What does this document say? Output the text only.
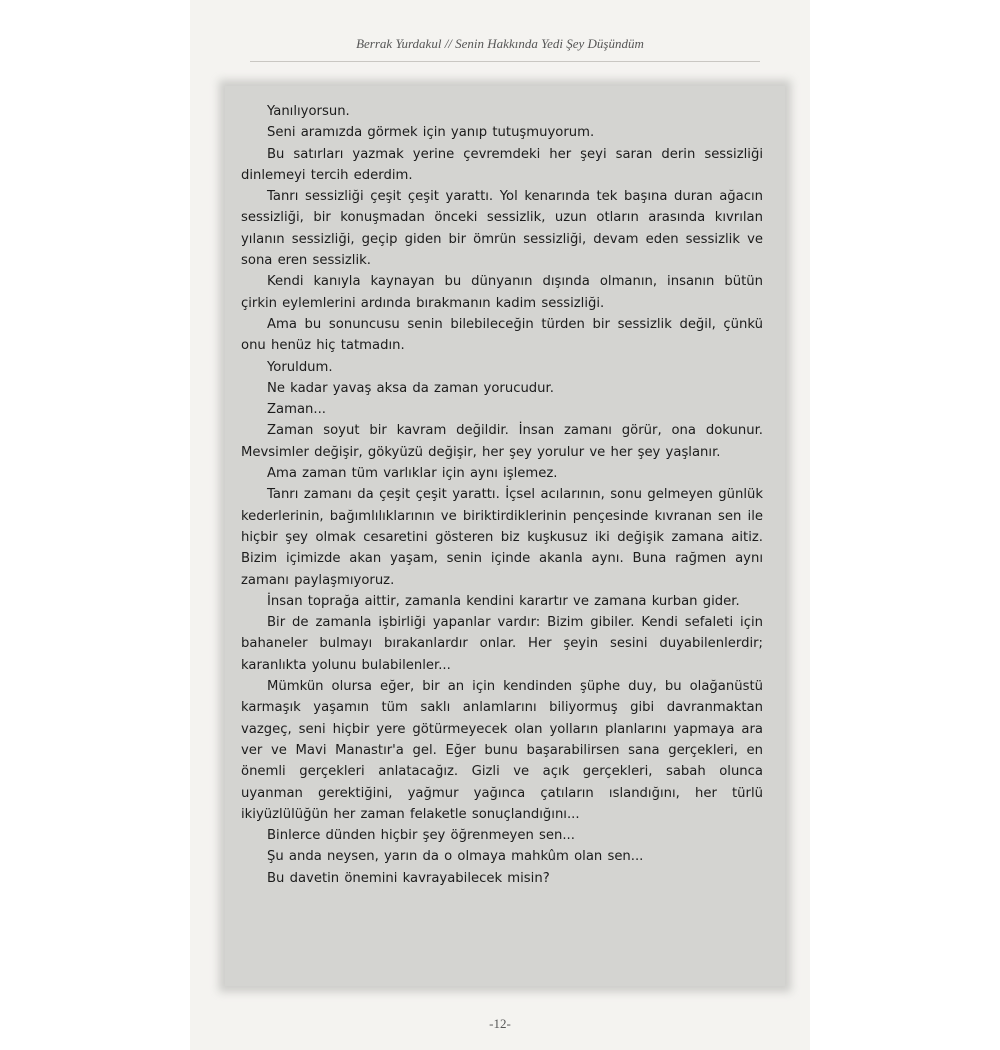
Berrak Yurdakul // Senin Hakkında Yedi Şey Düşündüm

Yanılıyorsun.

Seni aramızda görmek için yanıp tutuşmuyorum.

Bu satırları yazmak yerine çevremdeki her şeyi saran derin sessizliği dinlemeyi tercih ederdim.

Tanrı sessizliği çeşit çeşit yarattı. Yol kenarında tek başına duran ağacın sessizliği, bir konuşmadan önceki sessizlik, uzun otların arasında kıvrılan yılanın sessizliği, geçip giden bir ömrün sessizliği, devam eden sessizlik ve sona eren sessizlik.

Kendi kanıyla kaynayan bu dünyanın dışında olmanın, insanın bütün çirkin eylemlerini ardında bırakmanın kadim sessizliği.

Ama bu sonuncusu senin bilebileceğin türden bir sessizlik değil, çünkü onu henüz hiç tatmadın.

Yoruldum.

Ne kadar yavaş aksa da zaman yorucudur.

Zaman...

Zaman soyut bir kavram değildir. İnsan zamanı görür, ona dokunur. Mevsimler değişir, gökyüzü değişir, her şey yorulur ve her şey yaşlanır.

Ama zaman tüm varlıklar için aynı işlemez.

Tanrı zamanı da çeşit çeşit yarattı. İçsel acılarının, sonu gelmeyen günlük kederlerinin, bağımlılıklarının ve biriktirdiklerinin pençesinde kıvranan sen ile hiçbir şey olmak cesaretini gösteren biz kuşkusuz iki değişik zamana aitiz. Bizim içimizde akan yaşam, senin içinde akanla aynı. Buna rağmen aynı zamanı paylaşmıyoruz.

İnsan toprağa aittir, zamanla kendini karartır ve zamana kurban gider.

Bir de zamanla işbirliği yapanlar vardır: Bizim gibiler. Kendi sefaleti için bahaneler bulmayı bırakanlardır onlar. Her şeyin sesini duyabilenlerdir; karanlıkta yolunu bulabilenler...

Mümkün olursa eğer, bir an için kendinden şüphe duy, bu olağanüstü karmaşık yaşamın tüm saklı anlamlarını biliyormuş gibi davranmaktan vazgeç, seni hiçbir yere götürmeyecek olan yolların planlarını yapmaya ara ver ve Mavi Manastır'a gel. Eğer bunu başarabilirsen sana gerçekleri, en önemli gerçekleri anlatacağız. Gizli ve açık gerçekleri, sabah olunca uyanman gerektiğini, yağmur yağınca çatıların ıslandığını, her türlü ikiyüzlülüğün her zaman felaketle sonuçlandığını...

Binlerce dünden hiçbir şey öğrenmeyen sen...

Şu anda neysen, yarın da o olmaya mahkûm olan sen...

Bu davetin önemini kavrayabilecek misin?

-12-
